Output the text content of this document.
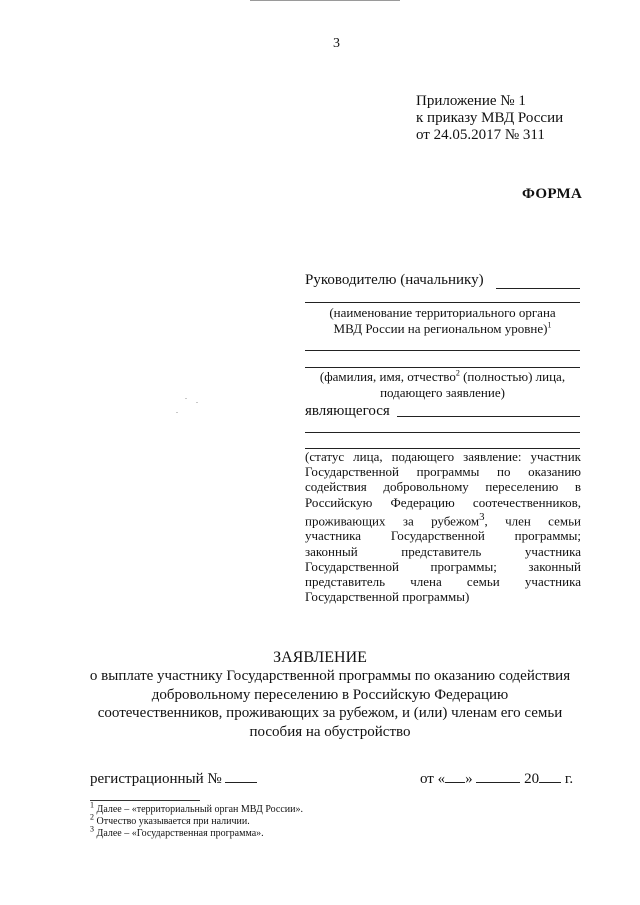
3
Приложение № 1
к приказу МВД России
от 24.05.2017 № 311
ФОРМА
Руководителю (начальнику)
(наименование территориального органа
МВД России на региональном уровне)$^1$
(фамилия, имя, отчество$^2$ (полностью) лица,
подающего заявление)
являющегося
(статус лица, подающего заявление: участник Государственной программы по оказанию содействия добровольному переселению в Российскую Федерацию соотечественников, проживающих за рубежом$^3$, член семьи участника Государственной программы; законный представитель участника Государственной программы; законный представитель члена семьи участника Государственной программы)
ЗАЯВЛЕНИЕ
о выплате участнику Государственной программы по оказанию содействия
добровольному переселению в Российскую Федерацию
соотечественников, проживающих за рубежом, и (или) членам его семьи
пособия на обустройство
регистрационный №	от « »	20 г.
$^1$ Далее – «территориальный орган МВД России».
$^2$ Отчество указывается при наличии.
$^3$ Далее – «Государственная программа».
